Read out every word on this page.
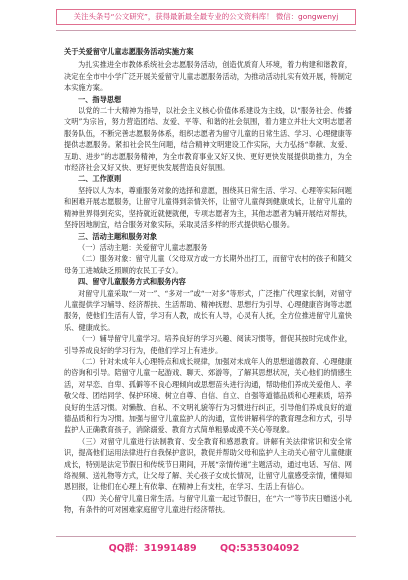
关注头条号“公文研究”，获得最新最全最专业的公文资料库！ 微信：gongwenyj

关于关爱留守儿童志愿服务活动实施方案

为扎实推进全市教体系统社会志愿服务活动，创造优质育人环境，着力构建和谐教育，决定在全市中小学广泛开展关爱留守儿童志愿服务活动，为推动活动扎实有效开展，特制定本实施方案。

一、指导思想

以党的二十大精神为指导，以社会主义核心价值体系建设为主线，以“服务社会、传播文明”为宗旨，努力营造团结、友爱、平等、和谐的社会氛围，着力建立并壮大文明志愿者服务队伍，不断完善志愿服务体系，组织志愿者为留守儿童的日常生活、学习、心理健康等提供志愿服务。紧扣社会民生问题，结合精神文明建设工作实际，大力弘扬“奉献、友爱、互助、进步”的志愿服务精神，为全市教育事业又好又快、更好更快发展提供助推力，为全市经济社会又好又快、更好更快发展营造良好氛围。

二、工作原则

坚持以人为本，尊重服务对象的选择和意愿，围绕其日常生活、学习、心理等实际问题和困难开展志愿服务，让留守儿童得到亲情关怀，让留守儿童得到健康成长，让留守儿童的精神世界得到充实，坚持就近就便就便，专项志愿者为主，其他志愿者为辅开展结对帮扶，坚持因地制宜，结合服务对象实际，采取灵活多样的形式提供贴心服务。

三、活动主题和服务对象

（一）活动主题：关爱留守儿童志愿服务

（二）服务对象：留守儿童（父母双方或一方长期外出打工，而留守农村的孩子和随父母务工进城缺乏照顾的农民工子女）。

四、留守儿童服务方式和服务内容

对留守儿童采取“一对一”、“多对一”或“一对多”等形式，广泛推广代理家长制，对留守儿童提供学习辅导、经济帮扶、生活帮助、精神抚慰、思想行为引导、心理健康咨询等志愿服务，使他们生活有人管，学习有人教，成长有人导，心灵有人抚，全方位推进留守儿童快乐、健康成长。

（一）辅导留守儿童学习。培养良好的学习兴趣、阅读习惯等，督促其按时完成作业，引导养成良好的学习行为，使他们学习上有进步。

（二）针对未成年人心理特点和成长规律，加强对未成年人的思想道德教育、心理健康的咨询和引导。陪留守儿童一起游戏、聊天、郊游等，了解其思想状况，关心他们的情感生活，对早恋、自卑、孤僻等不良心理倾向或思想苗头进行沟通，帮助他们养成关爱他人、孝敬父母、团结同学、保护环境、树立自尊、自信、自立、自强等道德品质和心理素质，培养良好的生活习惯。对懒散、自私、不文明礼貌等行为习惯进行纠正，引导他们养成良好的道德品质和行为习惯。加强与留守儿童监护人的沟通，宣传讲解科学的教育理念和方式，引导监护人正确教育孩子，消除溺爱、教育方式简单粗暴或漠不关心等现象。

（三）对留守儿童进行法制教育、安全教育和感恩教育。讲解有关法律常识和安全常识，提高他们运用法律进行自我保护意识，教促并帮助父母和监护人主动关心留守儿童健康成长，特别是法定节假日和传统节日期间，开展“亲情传递”主题活动，通过电话、写信、网络视频、送礼物等方式，让父母了解、关心孩子女成长情况，让留守儿童感受亲情，懂得知恩回报，让他们在心理上有依靠、在精神上有支柱，在学习、生活上有信心。

（四）关心留守儿童日常生活。与留守儿童一起过节假日，在“六一”等节庆日赠送小礼物，有条件的可对困难家庭留守儿童进行经济帮扶。

QQ群：31991489 QQ:535304092
